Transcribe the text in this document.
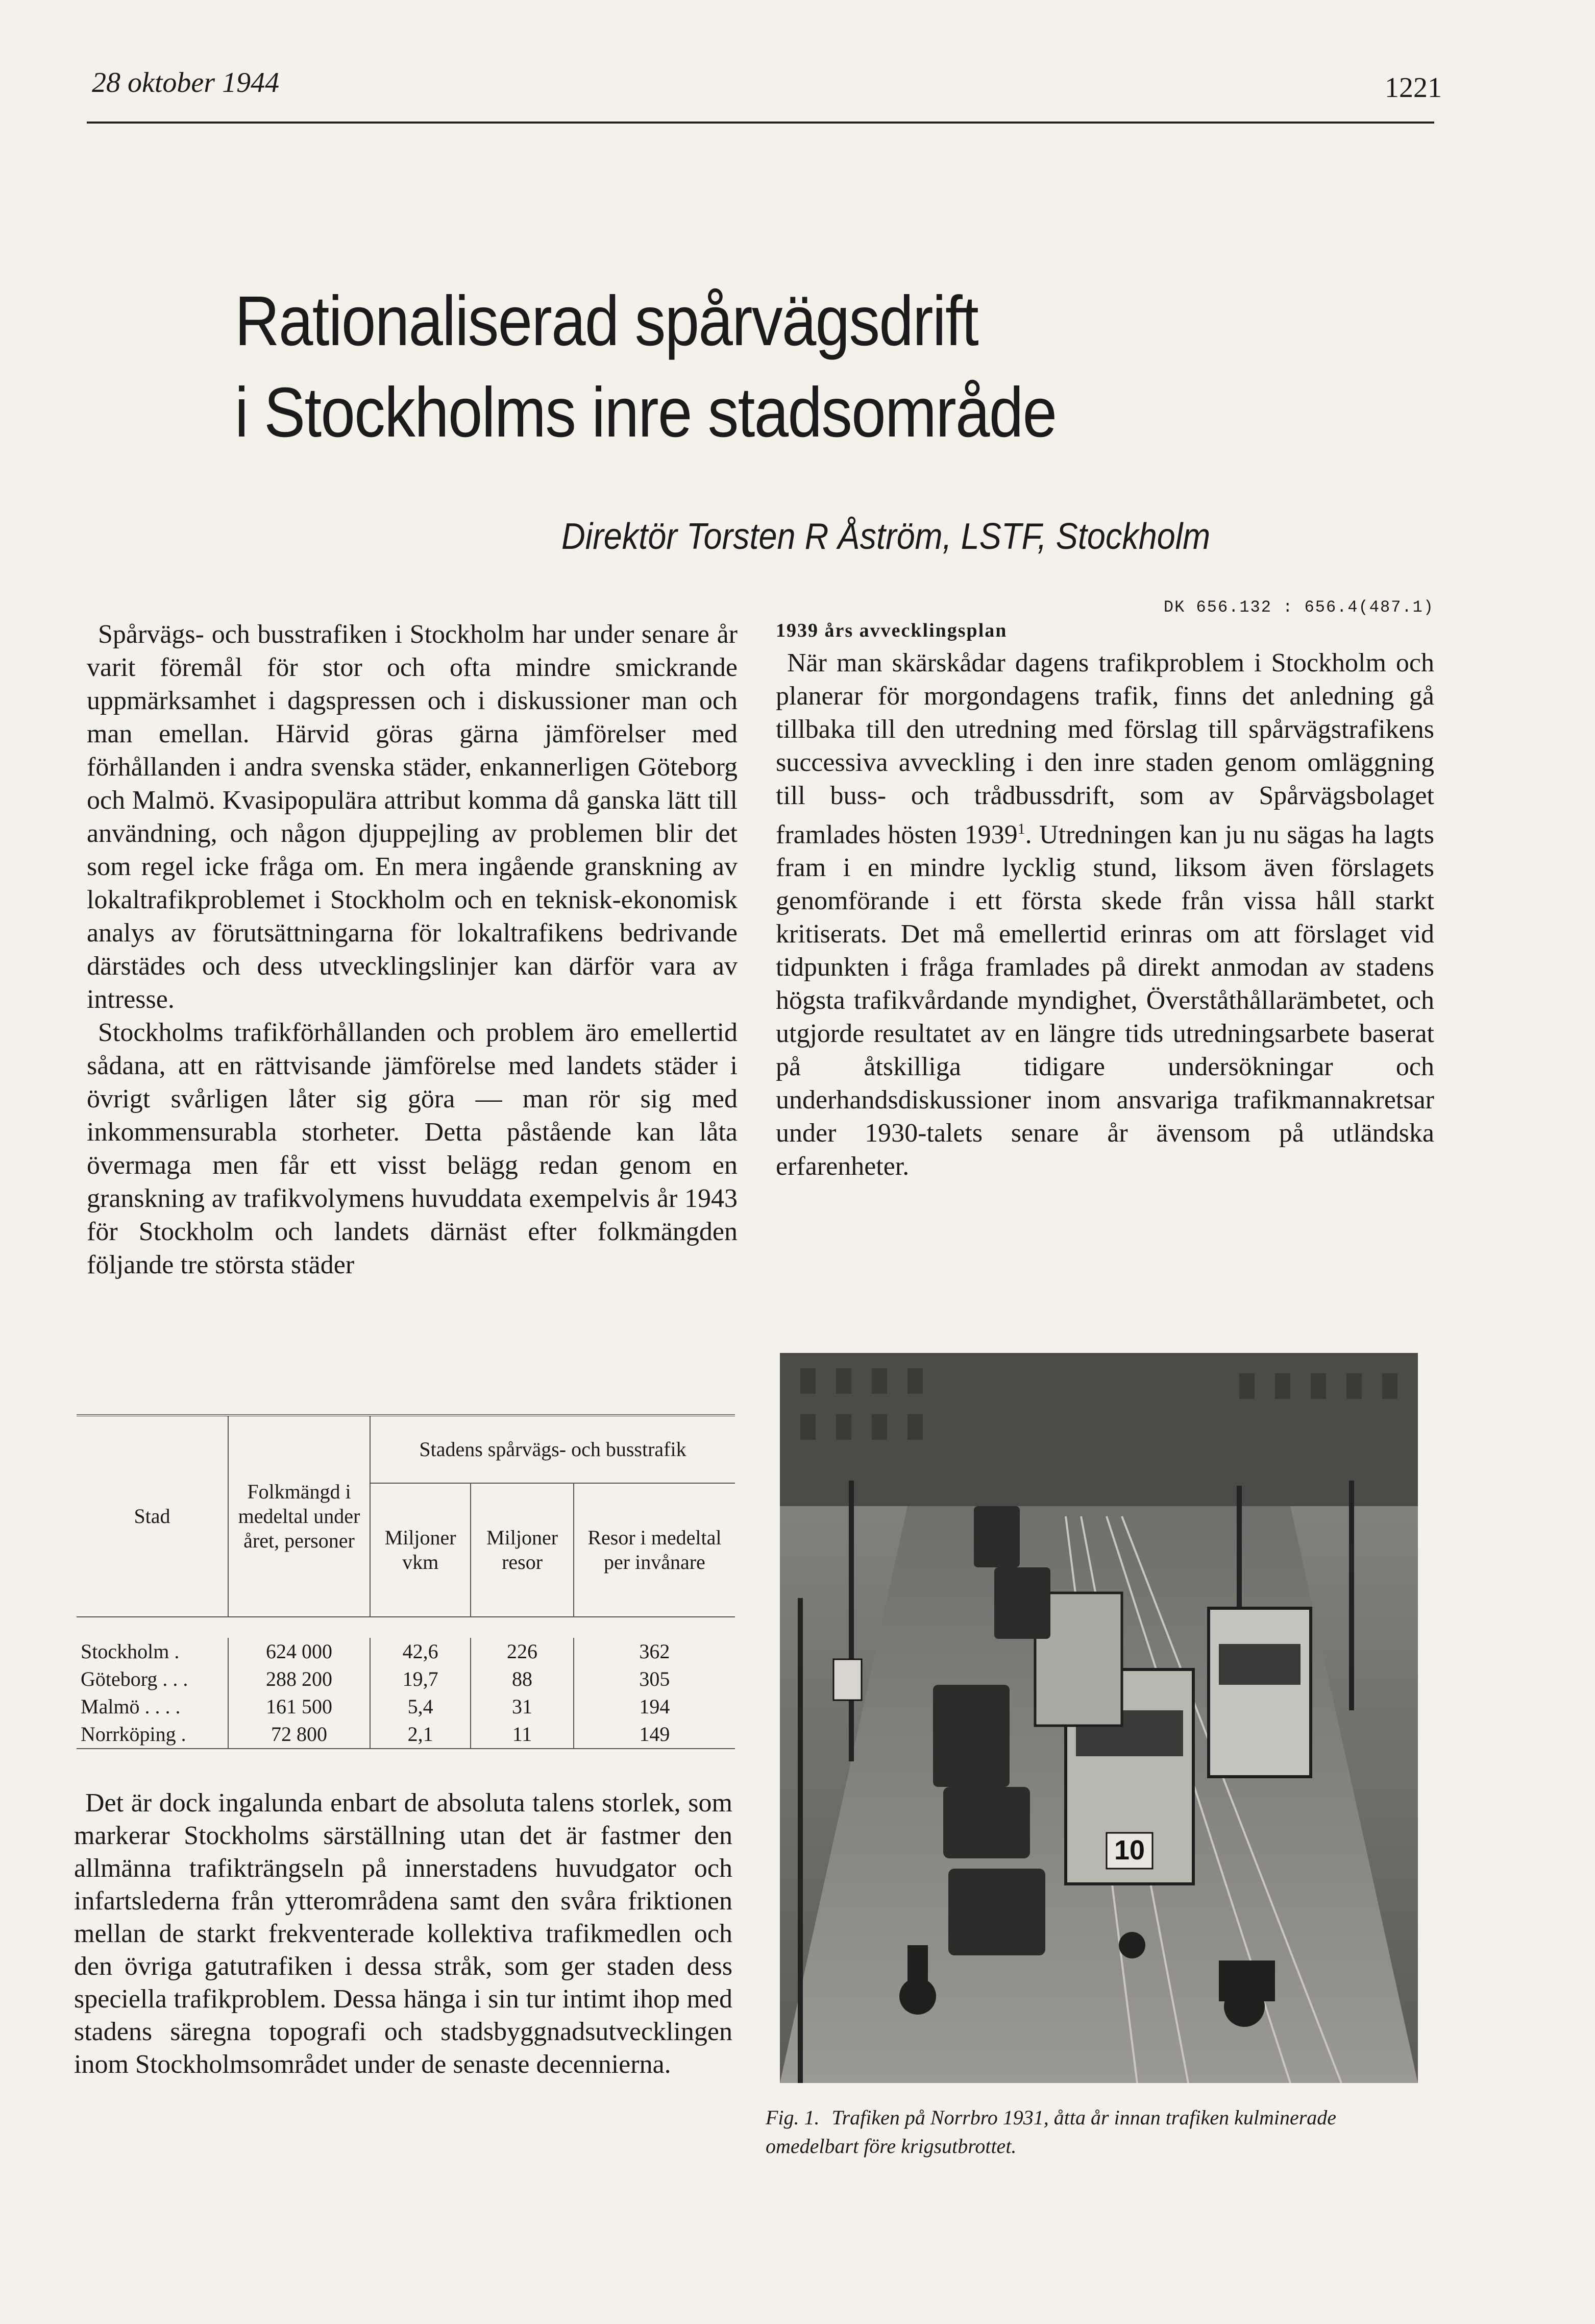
28 oktober 1944	1221
Rationaliserad spårvägsdrift
i Stockholms inre stadsområde
Direktör Torsten R Åström, LSTF, Stockholm

Spårvägs- och busstrafiken i Stockholm har under senare år varit föremål för stor och ofta mindre smickrande uppmärksamhet i dagspressen och i diskussioner man och man emellan. Härvid göras gärna jämförelser med förhållanden i andra svenska städer, enkannerligen Göteborg och Malmö. Kvasipopulära attribut komma då ganska lätt till användning, och någon djuppejling av problemen blir det som regel icke fråga om. En mera ingående granskning av lokaltrafikproblemet i Stockholm och en teknisk-ekonomisk analys av förutsättningarna för lokaltrafikens bedrivande därstädes och dess utvecklingslinjer kan därför vara av intresse.

Stockholms trafikförhållanden och problem äro emellertid sådana, att en rättvisande jämförelse med landets städer i övrigt svårligen låter sig göra — man rör sig med inkommensurabla storheter. Detta påstående kan låta övermaga men får ett visst belägg redan genom en granskning av trafikvolymens huvuddata exempelvis år 1943 för Stockholm och landets därnäst efter folkmängden följande tre största städer

DK 656.132 : 656.4(487.1)
1939 års avvecklingsplan

När man skärskådar dagens trafikproblem i Stockholm och planerar för morgondagens trafik, finns det anledning gå tillbaka till den utredning med förslag till spårvägstrafikens successiva avveckling i den inre staden genom omläggning till buss- och trådbussdrift, som av Spårvägsbolaget framlades hösten 1939$^1$. Utredningen kan ju nu sägas ha lagts fram i en mindre lycklig stund, liksom även förslagets genomförande i ett första skede från vissa håll starkt kritiserats. Det må emellertid erinras om att förslaget vid tidpunkten i fråga framlades på direkt anmodan av stadens högsta trafikvårdande myndighet, Överståthållarämbetet, och utgjorde resultatet av en längre tids utredningsarbete baserat på åtskilliga tidigare undersökningar och underhandsdiskussioner inom ansvariga trafikmannakretsar under 1930-talets senare år ävensom på utländska erfarenheter.

Stad	Folkmängd i medeltal under året, personer	Stadens spårvägs- och busstrafik		
		Miljoner vkm	Miljoner resor	Resor i medeltal per invånare

Stockholm .	624 000	42,6	226	362
Göteborg . . .	288 200	19,7	88	305
Malmö . . . .	161 500	5,4	31	194
Norrköping .	72 800	2,1	11	149

Det är dock ingalunda enbart de absoluta talens storlek, som markerar Stockholms särställning utan det är fastmer den allmänna trafikträngseln på innerstadens huvudgator och infartslederna från ytterområdena samt den svåra friktionen mellan de starkt frekventerade kollektiva trafikmedlen och den övriga gatutrafiken i dessa stråk, som ger staden dess speciella trafikproblem. Dessa hänga i sin tur intimt ihop med stadens säregna topografi och stadsbyggnadsutvecklingen inom Stockholmsområdet under de senaste decennierna.

10
Fig. 1. Trafiken på Norrbro 1931, åtta år innan trafiken kulminerade omedelbart före krigsutbrottet.
